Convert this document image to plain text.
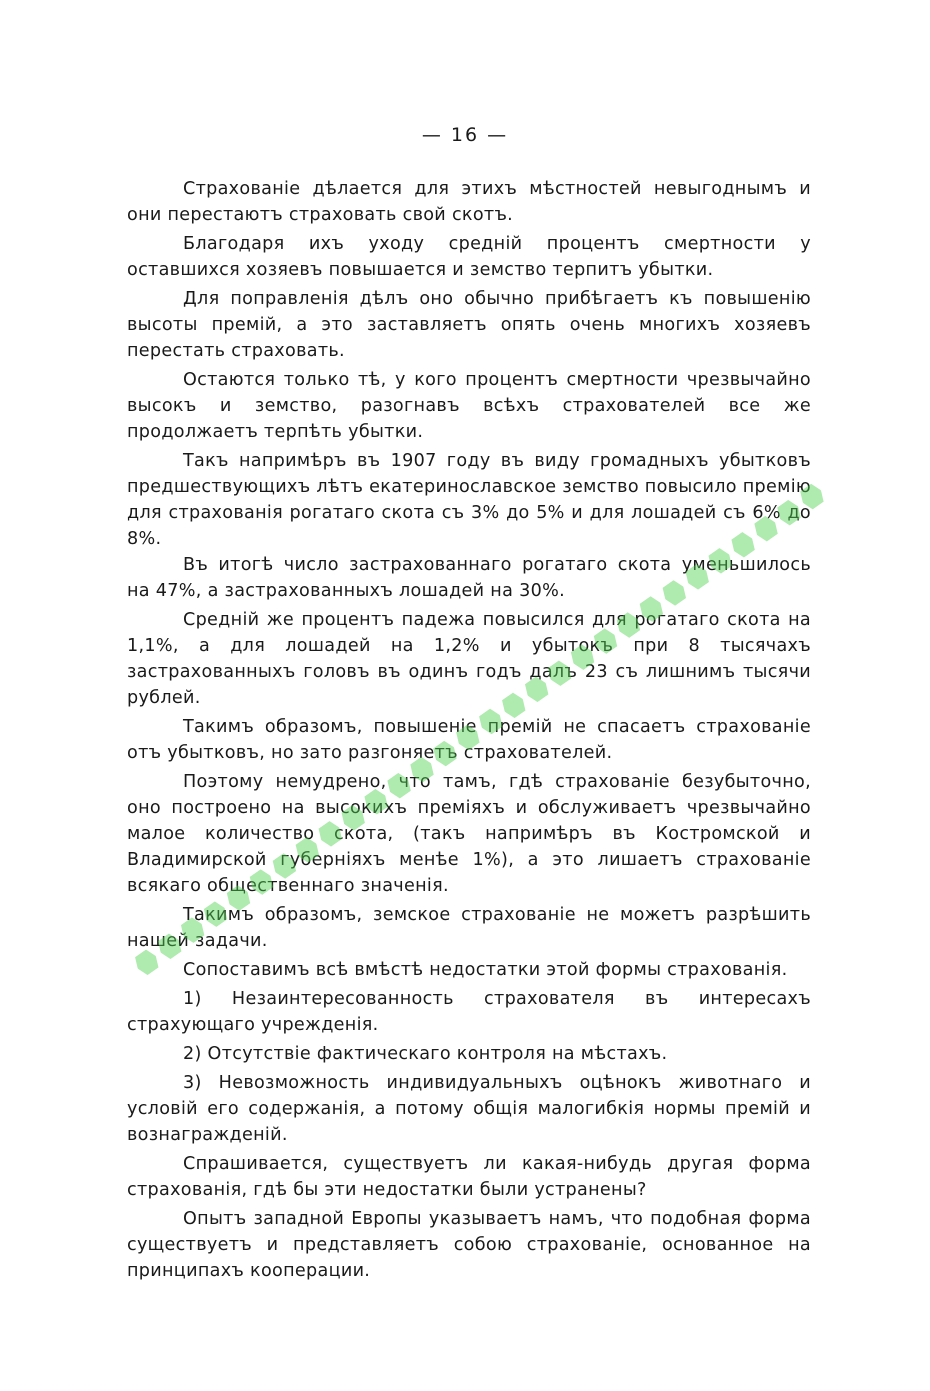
— 16 —

Страхованіе дѣлается для этихъ мѣстностей невыгоднымъ и они перестаютъ страховать свой скотъ.

Благодаря ихъ уходу средній процентъ смертности у оставшихся хозяевъ повышается и земство терпитъ убытки.

Для поправленія дѣлъ оно обычно прибѣгаетъ къ повышенію высоты премій, а это заставляетъ опять очень многихъ хозяевъ перестать страховать.

Остаются только тѣ, у кого процентъ смертности чрезвычайно высокъ и земство, разогнавъ всѣхъ страхователей все же продолжаетъ терпѣть убытки.

Такъ напримѣръ въ 1907 году въ виду громадныхъ убытковъ предшествующихъ лѣтъ екатеринославское земство повысило премію для страхованія рогатаго скота съ 3% до 5% и для лошадей съ 6% до 8%.

Въ итогѣ число застрахованнаго рогатаго скота уменьшилось на 47%, а застрахованныхъ лошадей на 30%.

Средній же процентъ падежа повысился для рогатаго скота на 1,1%, а для лошадей на 1,2% и убытокъ при 8 тысячахъ застрахованныхъ головъ въ одинъ годъ далъ 23 съ лишнимъ тысячи рублей.

Такимъ образомъ, повышеніе премій не спасаетъ страхованіе отъ убытковъ, но зато разгоняетъ страхователей.

Поэтому немудрено, что тамъ, гдѣ страхованіе безубыточно, оно построено на высокихъ преміяхъ и обслуживаетъ чрезвычайно малое количество скота, (такъ напримѣръ въ Костромской и Владимирской губерніяхъ менѣе 1%), а это лишаетъ страхованіе всякаго общественнаго значенія.

Такимъ образомъ, земское страхованіе не можетъ разрѣшить нашей задачи.

Сопоставимъ всѣ вмѣстѣ недостатки этой формы страхованія.

1) Незаинтересованность страхователя въ интересахъ страхующаго учрежденія.

2) Отсутствіе фактическаго контроля на мѣстахъ.

3) Невозможность индивидуальныхъ оцѣнокъ животнаго и условій его содержанія, а потому общія малогибкія нормы премій и вознагражденій.

Спрашивается, существуетъ ли какая-нибудь другая форма страхованія, гдѣ бы эти недостатки были устранены?

Опытъ западной Европы указываетъ намъ, что подобная форма существуетъ и представляетъ собою страхованіе, основанное на принципахъ кооперации.
